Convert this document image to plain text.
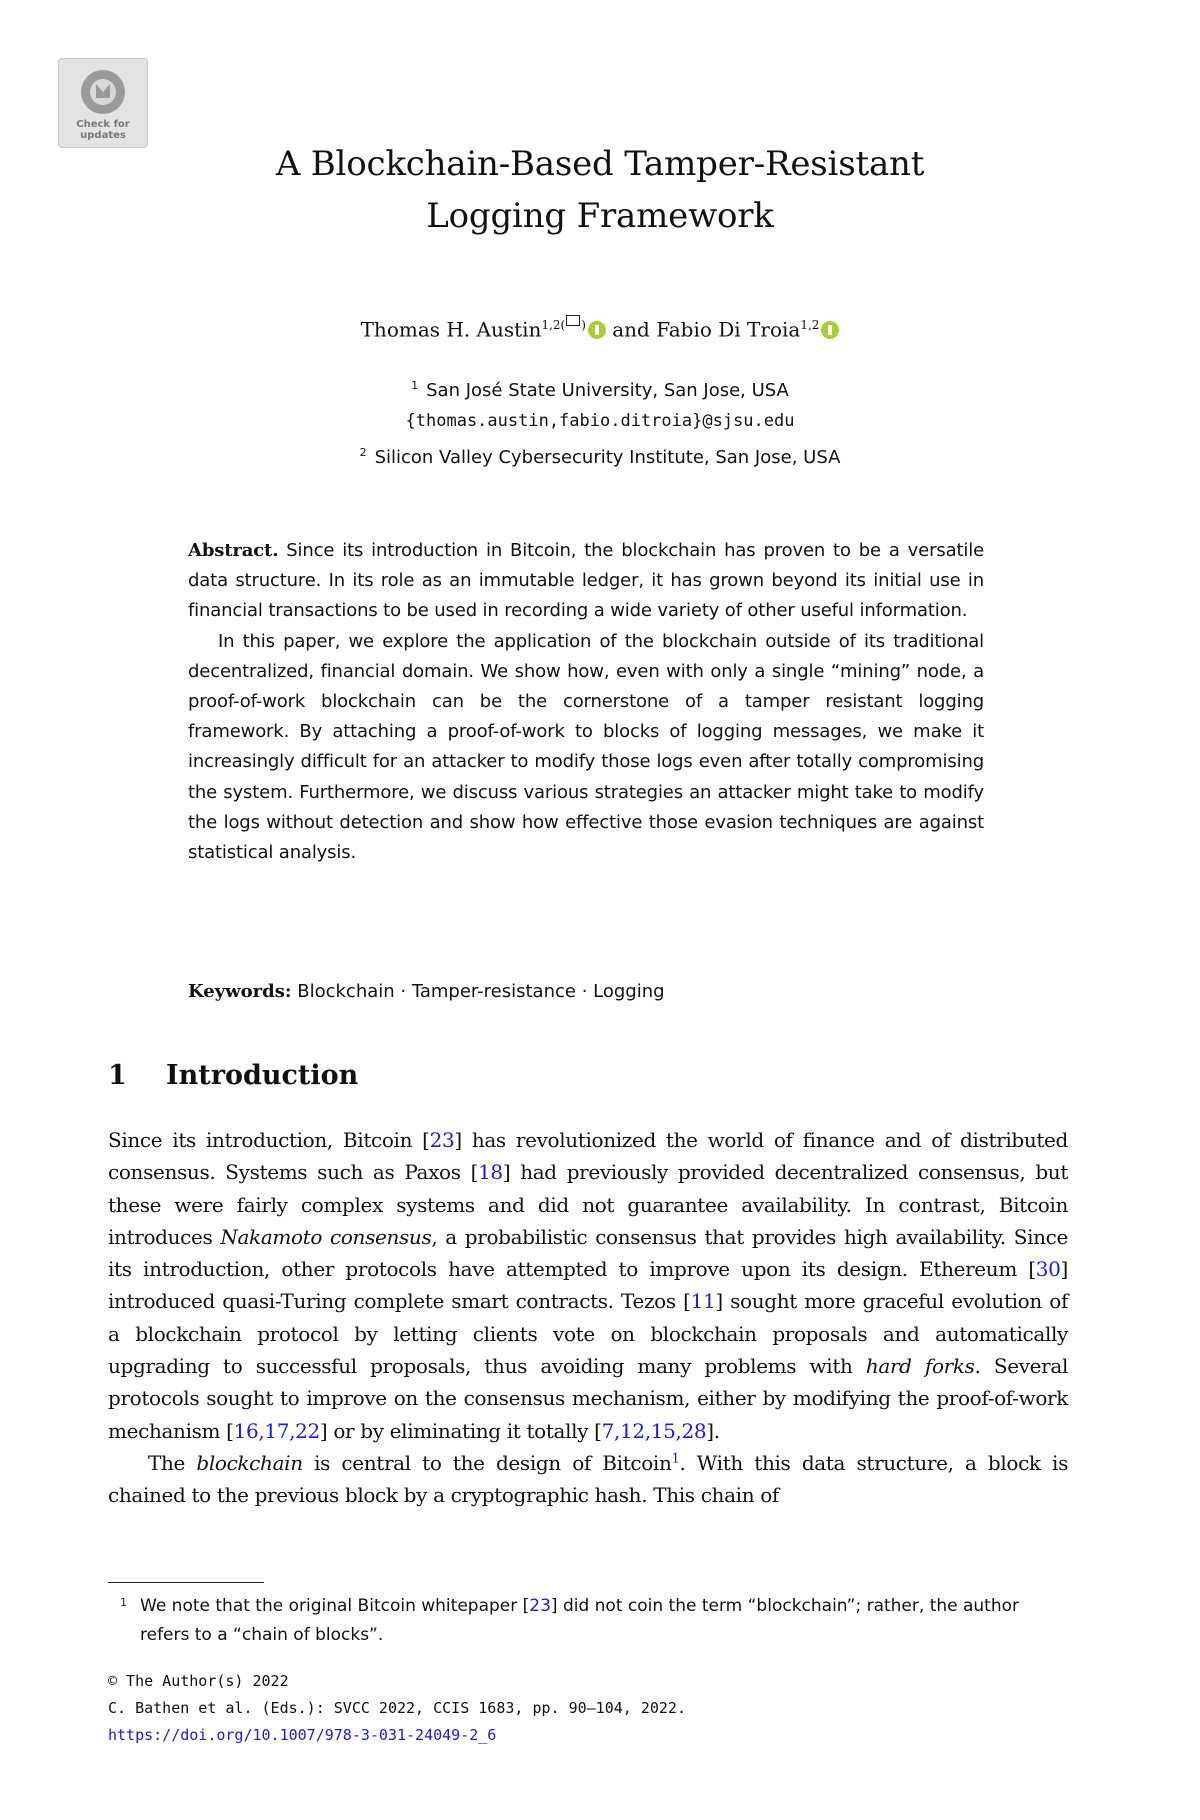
Check for updates
A Blockchain-Based Tamper-Resistant
Logging Framework
Thomas H. Austin$^{1,2( )}$ and Fabio Di Troia$^{1,2}$
$^1$ San José State University, San Jose, USA
{thomas.austin,fabio.ditroia}@sjsu.edu
$^2$ Silicon Valley Cybersecurity Institute, San Jose, USA

Abstract. Since its introduction in Bitcoin, the blockchain has proven to be a versatile data structure. In its role as an immutable ledger, it has grown beyond its initial use in financial transactions to be used in recording a wide variety of other useful information.

In this paper, we explore the application of the blockchain outside of its traditional decentralized, financial domain. We show how, even with only a single “mining” node, a proof-of-work blockchain can be the cornerstone of a tamper resistant logging framework. By attaching a proof-of-work to blocks of logging messages, we make it increasingly difficult for an attacker to modify those logs even after totally compromising the system. Furthermore, we discuss various strategies an attacker might take to modify the logs without detection and show how effective those evasion techniques are against statistical analysis.

Keywords: Blockchain · Tamper-resistance · Logging
1 Introduction

Since its introduction, Bitcoin [23] has revolutionized the world of finance and of distributed consensus. Systems such as Paxos [18] had previously provided decentralized consensus, but these were fairly complex systems and did not guarantee availability. In contrast, Bitcoin introduces Nakamoto consensus, a probabilistic consensus that provides high availability. Since its introduction, other protocols have attempted to improve upon its design. Ethereum [30] introduced quasi-Turing complete smart contracts. Tezos [11] sought more graceful evolution of a blockchain protocol by letting clients vote on blockchain proposals and automatically upgrading to successful proposals, thus avoiding many problems with hard forks. Several protocols sought to improve on the consensus mechanism, either by modifying the proof-of-work mechanism [16,17,22] or by eliminating it totally [7,12,15,28].

The blockchain is central to the design of Bitcoin$^1$. With this data structure, a block is chained to the previous block by a cryptographic hash. This chain of

1 We note that the original Bitcoin whitepaper [23] did not coin the term “blockchain”; rather, the author refers to a “chain of blocks”.
© The Author(s) 2022
C. Bathen et al. (Eds.): SVCC 2022, CCIS 1683, pp. 90–104, 2022.
https://doi.org/10.1007/978-3-031-24049-2_6
